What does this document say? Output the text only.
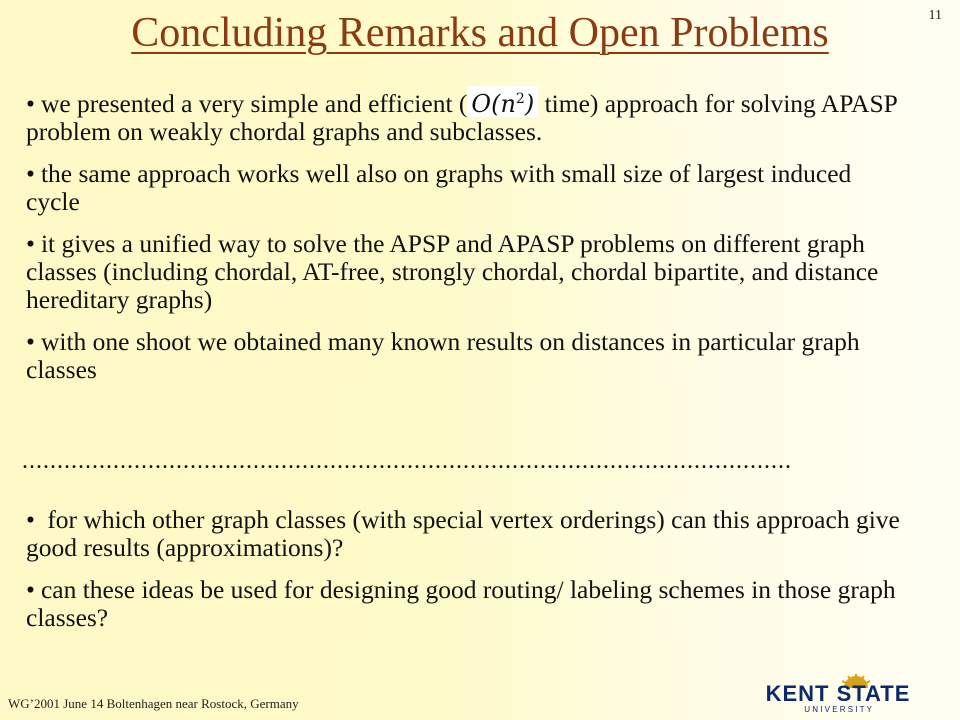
11
Concluding Remarks and Open Problems
• we presented a very simple and efficient ( $O(n^2)$ time) approach for solving APASP problem on weakly chordal graphs and subclasses.
• the same approach works well also on graphs with small size of largest induced cycle
• it gives a unified way to solve the APSP and APASP problems on different graph classes (including chordal, AT-free, strongly chordal, chordal bipartite, and distance hereditary graphs)
• with one shoot we obtained many known results on distances in particular graph classes
..............................................................................................................
• for which other graph classes (with special vertex orderings) can this approach give good results (approximations)?
• can these ideas be used for designing good routing/ labeling schemes in those graph classes?
WG’2001 June 14 Boltenhagen near Rostock, Germany	KENT STATE
U N I V E R S I T Y
